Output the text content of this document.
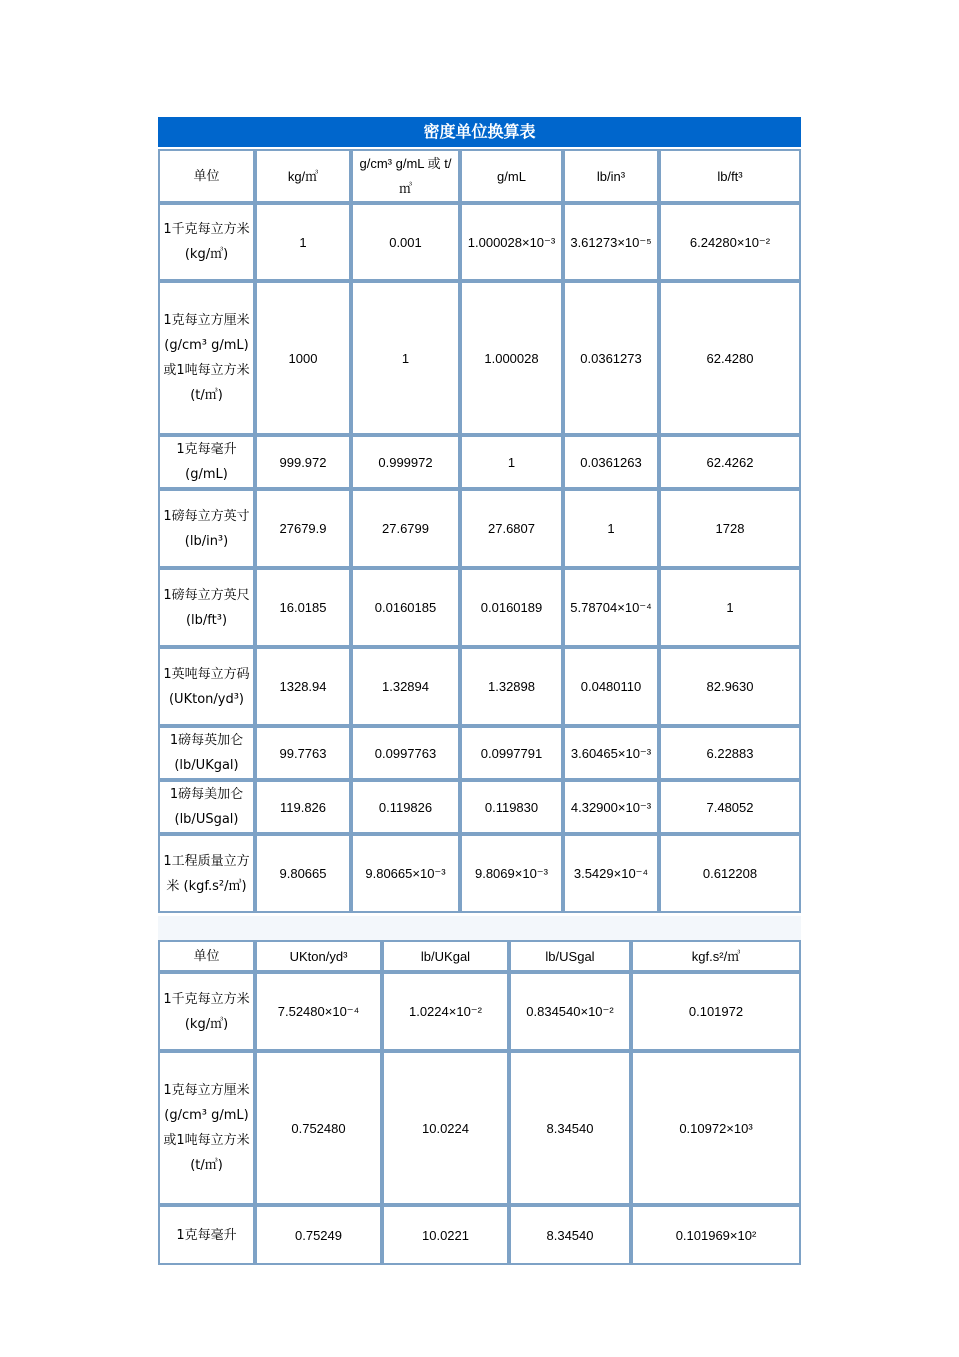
密度单位换算表
单位	kg/㎥	g/cm³ g/mL 或 t/㎥	g/mL	lb/in³	lb/ft³
1千克每立方米 (kg/㎥)	1	0.001	1.000028×10⁻³	3.61273×10⁻⁵	6.24280×10⁻²
1克每立方厘米 (g/cm³ g/mL) 或1吨每立方米 (t/㎥)	1000	1	1.000028	0.0361273	62.4280
1克每毫升 (g/mL)	999.972	0.999972	1	0.0361263	62.4262
1磅每立方英寸 (lb/in³)	27679.9	27.6799	27.6807	1	1728
1磅每立方英尺 (lb/ft³)	16.0185	0.0160185	0.0160189	5.78704×10⁻⁴	1
1英吨每立方码 (UKton/yd³)	1328.94	1.32894	1.32898	0.0480110	82.9630
1磅每英加仑 (lb/UKgal)	99.7763	0.0997763	0.0997791	3.60465×10⁻³	6.22883
1磅每美加仑 (lb/USgal)	119.826	0.119826	0.119830	4.32900×10⁻³	7.48052
1工程质量立方米 (kgf.s²/㎥)	9.80665	9.80665×10⁻³	9.8069×10⁻³	3.5429×10⁻⁴	0.612208
单位	UKton/yd³	lb/UKgal	lb/USgal	kgf.s²/㎥
1千克每立方米 (kg/㎥)	7.52480×10⁻⁴	1.0224×10⁻²	0.834540×10⁻²	0.101972
1克每立方厘米 (g/cm³ g/mL) 或1吨每立方米 (t/㎥)	0.752480	10.0224	8.34540	0.10972×10³
1克每毫升	0.75249	10.0221	8.34540	0.101969×10²
